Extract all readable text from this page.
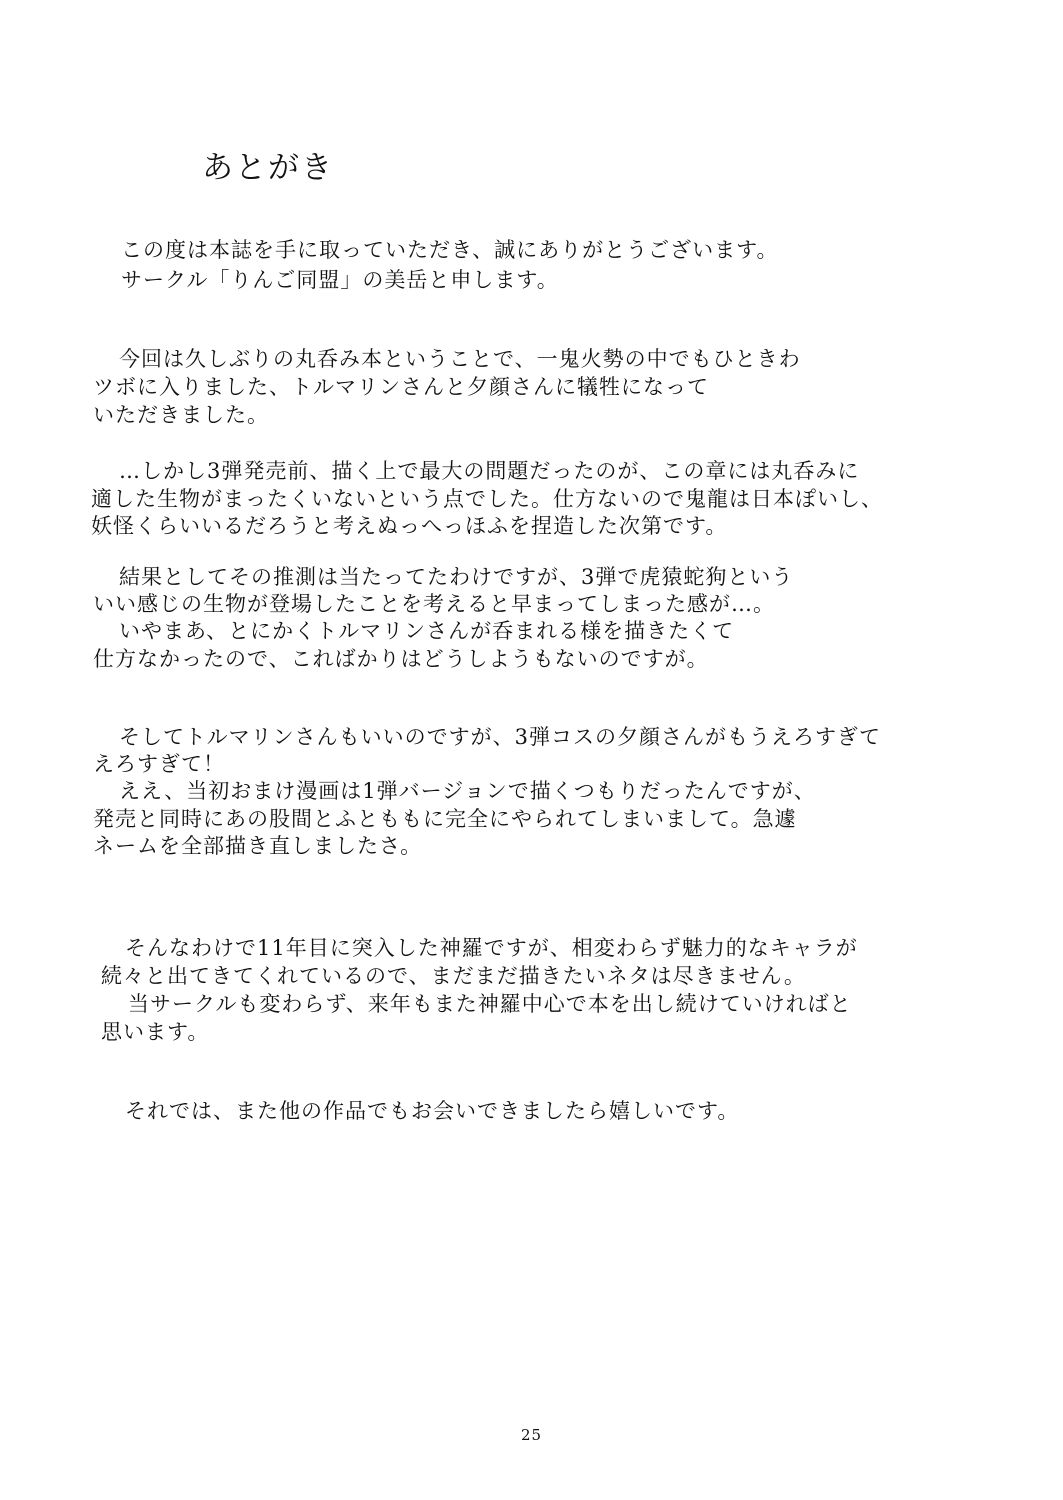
あとがき
この度は本誌を手に取っていただき、誠にありがとうございます。
サークル「りんご同盟」の美岳と申します。
今回は久しぶりの丸呑み本ということで、一鬼火勢の中でもひときわ
ツボに入りました、トルマリンさんと夕顔さんに犠牲になって
いただきました。
…しかし3弾発売前、描く上で最大の問題だったのが、この章には丸呑みに
適した生物がまったくいないという点でした。仕方ないので鬼龍は日本ぽいし、
妖怪くらいいるだろうと考えぬっへっほふを捏造した次第です。
結果としてその推測は当たってたわけですが、3弾で虎猿蛇狗という
いい感じの生物が登場したことを考えると早まってしまった感が…。
いやまあ、とにかくトルマリンさんが呑まれる様を描きたくて
仕方なかったので、こればかりはどうしようもないのですが。
そしてトルマリンさんもいいのですが、3弾コスの夕顔さんがもうえろすぎて
えろすぎて！
ええ、当初おまけ漫画は1弾バージョンで描くつもりだったんですが、
発売と同時にあの股間とふとももに完全にやられてしまいまして。急遽
ネームを全部描き直しましたさ。
そんなわけで11年目に突入した神羅ですが、相変わらず魅力的なキャラが
続々と出てきてくれているので、まだまだ描きたいネタは尽きません。
当サークルも変わらず、来年もまた神羅中心で本を出し続けていければと
思います。
それでは、また他の作品でもお会いできましたら嬉しいです。
25
